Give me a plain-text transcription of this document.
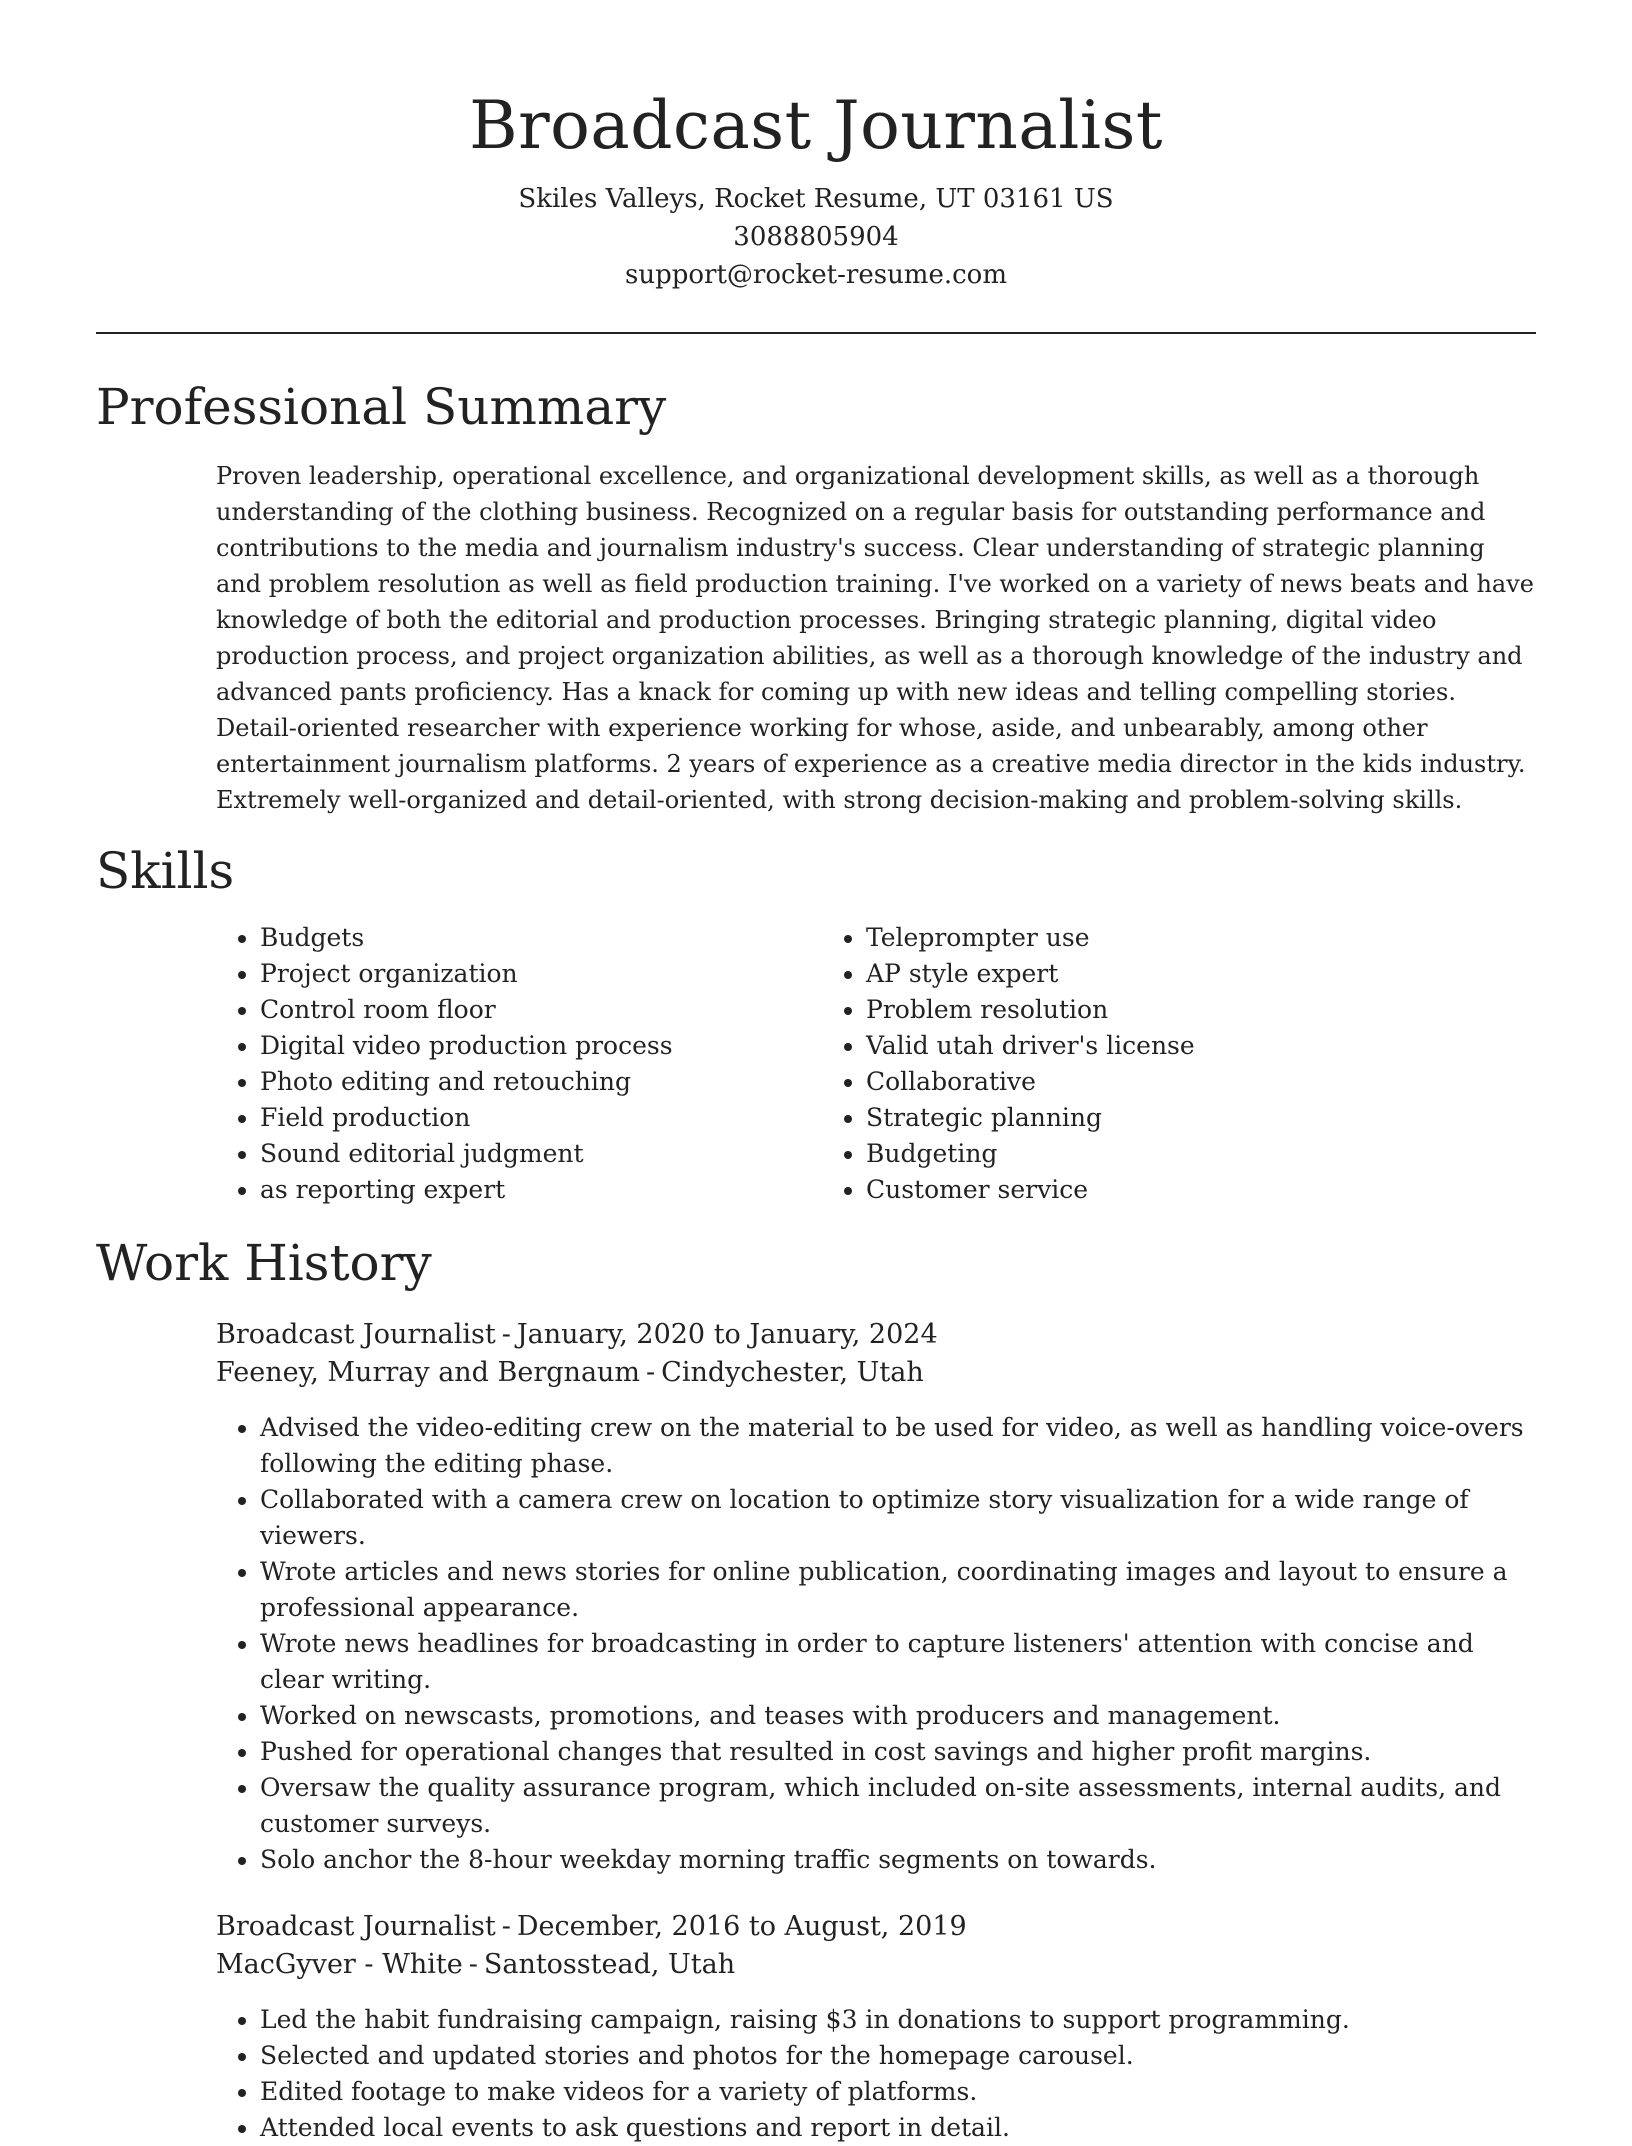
Broadcast Journalist
Skiles Valleys, Rocket Resume, UT 03161 US
3088805904
support@rocket-resume.com
Professional Summary

Proven leadership, operational excellence, and organizational development skills, as well as a thorough understanding of the clothing business. Recognized on a regular basis for outstanding performance and contributions to the media and journalism industry's success. Clear understanding of strategic planning and problem resolution as well as field production training. I've worked on a variety of news beats and have knowledge of both the editorial and production processes. Bringing strategic planning, digital video production process, and project organization abilities, as well as a thorough knowledge of the industry and advanced pants proficiency. Has a knack for coming up with new ideas and telling compelling stories. Detail-oriented researcher with experience working for whose, aside, and unbearably, among other entertainment journalism platforms. 2 years of experience as a creative media director in the kids industry. Extremely well-organized and detail-oriented, with strong decision-making and problem-solving skills.

Skills
• Budgets
• Project organization
• Control room floor
• Digital video production process
• Photo editing and retouching
• Field production
• Sound editorial judgment
• as reporting expert
• Teleprompter use
• AP style expert
• Problem resolution
• Valid utah driver's license
• Collaborative
• Strategic planning
• Budgeting
• Customer service
Work History
Broadcast Journalist - January, 2020 to January, 2024
Feeney, Murray and Bergnaum - Cindychester, Utah
• Advised the video-editing crew on the material to be used for video, as well as handling voice-overs following the editing phase.
• Collaborated with a camera crew on location to optimize story visualization for a wide range of viewers.
• Wrote articles and news stories for online publication, coordinating images and layout to ensure a professional appearance.
• Wrote news headlines for broadcasting in order to capture listeners' attention with concise and clear writing.
• Worked on newscasts, promotions, and teases with producers and management.
• Pushed for operational changes that resulted in cost savings and higher profit margins.
• Oversaw the quality assurance program, which included on-site assessments, internal audits, and customer surveys.
• Solo anchor the 8-hour weekday morning traffic segments on towards.
Broadcast Journalist - December, 2016 to August, 2019
MacGyver - White - Santosstead, Utah
• Led the habit fundraising campaign, raising $3 in donations to support programming.
• Selected and updated stories and photos for the homepage carousel.
• Edited footage to make videos for a variety of platforms.
• Attended local events to ask questions and report in detail.
